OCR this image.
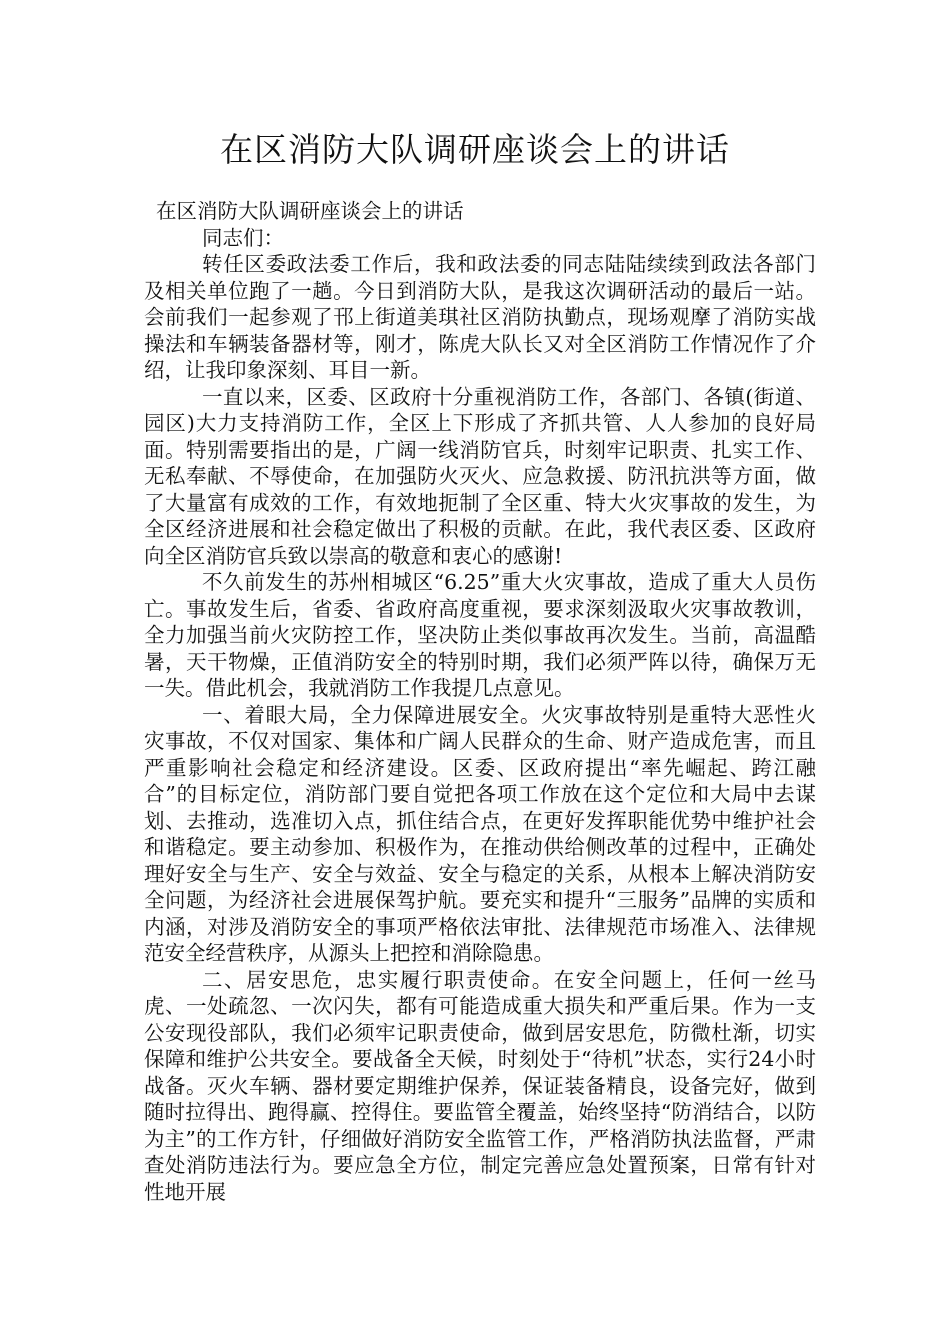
在区消防大队调研座谈会上的讲话

在区消防大队调研座谈会上的讲话

同志们：

转任区委政法委工作后，我和政法委的同志陆陆续续到政法各部门及相关单位跑了一趟。今日到消防大队，是我这次调研活动的最后一站。会前我们一起参观了邗上街道美琪社区消防执勤点，现场观摩了消防实战操法和车辆装备器材等，刚才，陈虎大队长又对全区消防工作情况作了介绍，让我印象深刻、耳目一新。

一直以来，区委、区政府十分重视消防工作，各部门、各镇(街道、园区)大力支持消防工作，全区上下形成了齐抓共管、人人参加的良好局面。特别需要指出的是，广阔一线消防官兵，时刻牢记职责、扎实工作、无私奉献、不辱使命，在加强防火灭火、应急救援、防汛抗洪等方面，做了大量富有成效的工作，有效地扼制了全区重、特大火灾事故的发生，为全区经济进展和社会稳定做出了积极的贡献。在此，我代表区委、区政府向全区消防官兵致以崇高的敬意和衷心的感谢!

不久前发生的苏州相城区“6.25”重大火灾事故，造成了重大人员伤亡。事故发生后，省委、省政府高度重视，要求深刻汲取火灾事故教训，全力加强当前火灾防控工作，坚决防止类似事故再次发生。当前，高温酷暑，天干物燥，正值消防安全的特别时期，我们必须严阵以待，确保万无一失。借此机会，我就消防工作我提几点意见。

一、着眼大局，全力保障进展安全。火灾事故特别是重特大恶性火灾事故，不仅对国家、集体和广阔人民群众的生命、财产造成危害，而且严重影响社会稳定和经济建设。区委、区政府提出“率先崛起、跨江融合”的目标定位，消防部门要自觉把各项工作放在这个定位和大局中去谋划、去推动，选准切入点，抓住结合点，在更好发挥职能优势中维护社会和谐稳定。要主动参加、积极作为，在推动供给侧改革的过程中，正确处理好安全与生产、安全与效益、安全与稳定的关系，从根本上解决消防安全问题，为经济社会进展保驾护航。要充实和提升“三服务”品牌的实质和内涵，对涉及消防安全的事项严格依法审批、法律规范市场准入、法律规范安全经营秩序，从源头上把控和消除隐患。

二、居安思危，忠实履行职责使命。在安全问题上，任何一丝马虎、一处疏忽、一次闪失，都有可能造成重大损失和严重后果。作为一支公安现役部队，我们必须牢记职责使命，做到居安思危，防微杜渐，切实保障和维护公共安全。要战备全天候，时刻处于“待机”状态，实行24小时战备。灭火车辆、器材要定期维护保养，保证装备精良，设备完好，做到随时拉得出、跑得赢、控得住。要监管全覆盖，始终坚持“防消结合，以防为主”的工作方针，仔细做好消防安全监管工作，严格消防执法监督，严肃查处消防违法行为。要应急全方位，制定完善应急处置预案，日常有针对性地开展
